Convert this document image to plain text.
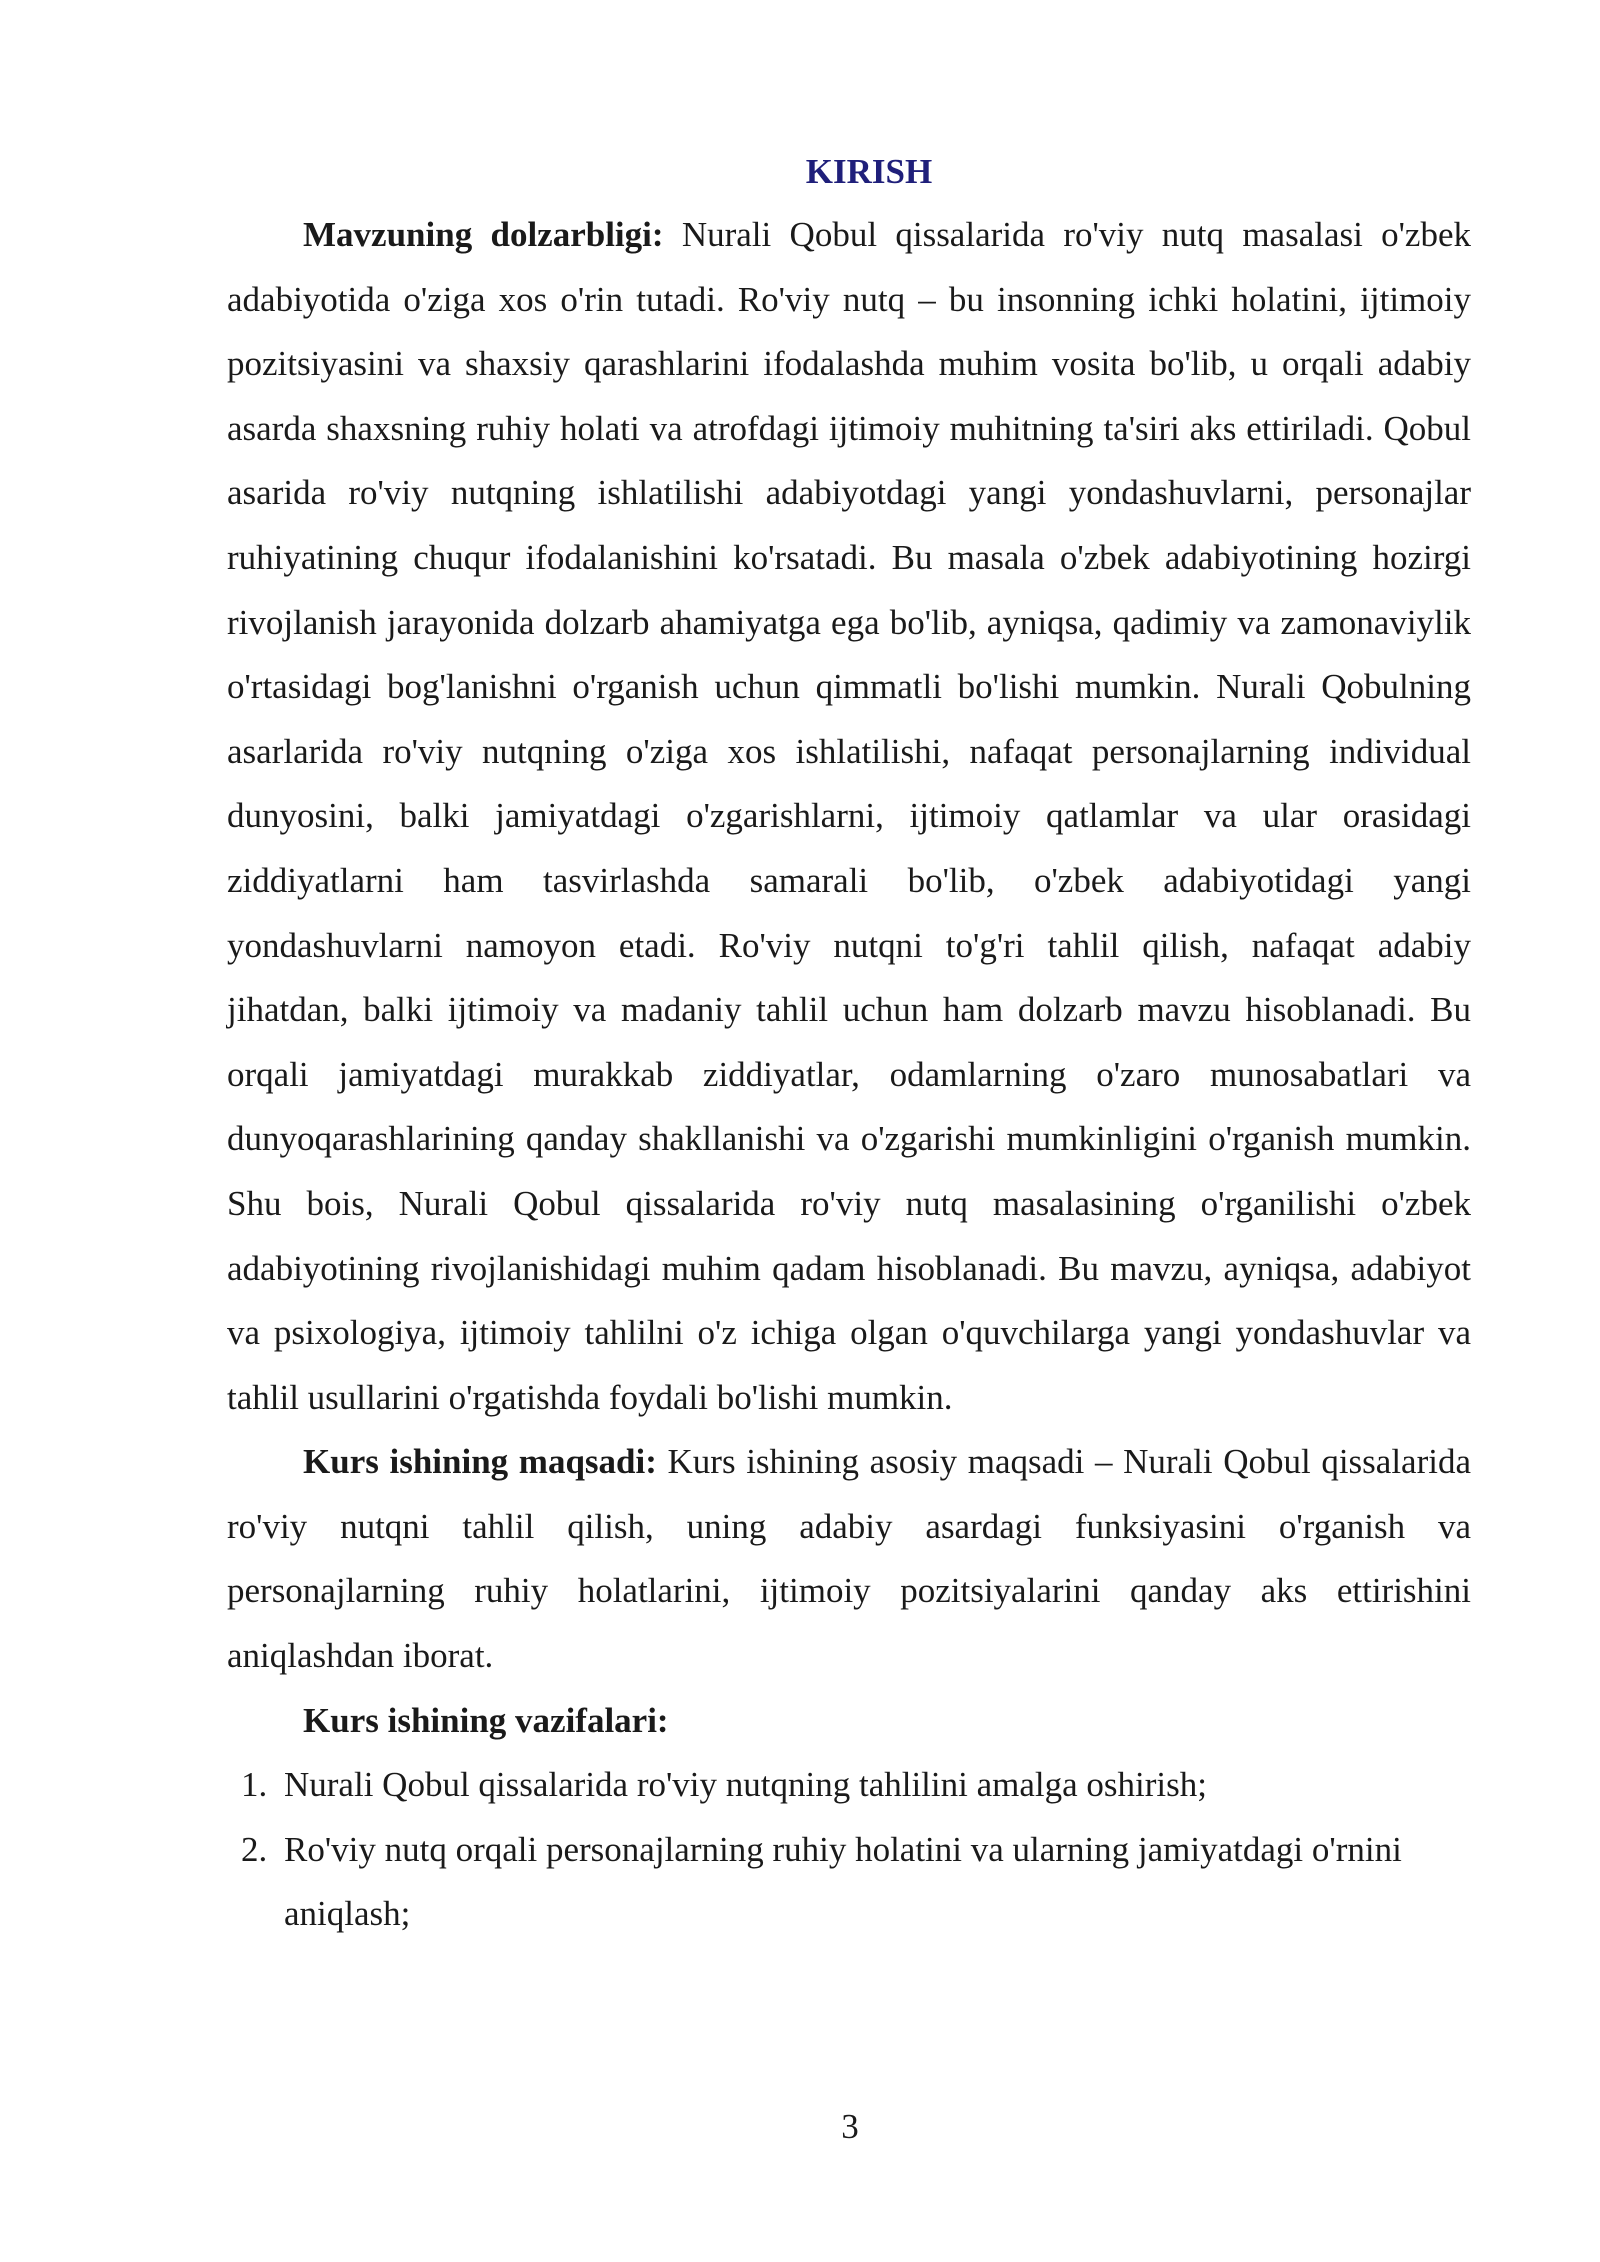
KIRISH

Mavzuning dolzarbligi: Nurali Qobul qissalarida ro'viy nutq masalasi o'zbek adabiyotida o'ziga xos o'rin tutadi. Ro'viy nutq – bu insonning ichki holatini, ijtimoiy pozitsiyasini va shaxsiy qarashlarini ifodalashda muhim vosita bo'lib, u orqali adabiy asarda shaxsning ruhiy holati va atrofdagi ijtimoiy muhitning ta'siri aks ettiriladi. Qobul asarida ro'viy nutqning ishlatilishi adabiyotdagi yangi yondashuvlarni, personajlar ruhiyatining chuqur ifodalanishini ko'rsatadi. Bu masala o'zbek adabiyotining hozirgi rivojlanish jarayonida dolzarb ahamiyatga ega bo'lib, ayniqsa, qadimiy va zamonaviylik o'rtasidagi bog'lanishni o'rganish uchun qimmatli bo'lishi mumkin. Nurali Qobulning asarlarida ro'viy nutqning o'ziga xos ishlatilishi, nafaqat personajlarning individual dunyosini, balki jamiyatdagi o'zgarishlarni, ijtimoiy qatlamlar va ular orasidagi ziddiyatlarni ham tasvirlashda samarali bo'lib, o'zbek adabiyotidagi yangi yondashuvlarni namoyon etadi. Ro'viy nutqni to'g'ri tahlil qilish, nafaqat adabiy jihatdan, balki ijtimoiy va madaniy tahlil uchun ham dolzarb mavzu hisoblanadi. Bu orqali jamiyatdagi murakkab ziddiyatlar, odamlarning o'zaro munosabatlari va dunyoqarashlarining qanday shakllanishi va o'zgarishi mumkinligini o'rganish mumkin. Shu bois, Nurali Qobul qissalarida ro'viy nutq masalasining o'rganilishi o'zbek adabiyotining rivojlanishidagi muhim qadam hisoblanadi. Bu mavzu, ayniqsa, adabiyot va psixologiya, ijtimoiy tahlilni o'z ichiga olgan o'quvchilarga yangi yondashuvlar va tahlil usullarini o'rgatishda foydali bo'lishi mumkin.

Kurs ishining maqsadi: Kurs ishining asosiy maqsadi – Nurali Qobul qissalarida ro'viy nutqni tahlil qilish, uning adabiy asardagi funksiyasini o'rganish va personajlarning ruhiy holatlarini, ijtimoiy pozitsiyalarini qanday aks ettirishini aniqlashdan iborat.

Kurs ishining vazifalari:

1. Nurali Qobul qissalarida ro'viy nutqning tahlilini amalga oshirish;
2. Ro'viy nutq orqali personajlarning ruhiy holatini va ularning jamiyatdagi o'rnini aniqlash;
3
